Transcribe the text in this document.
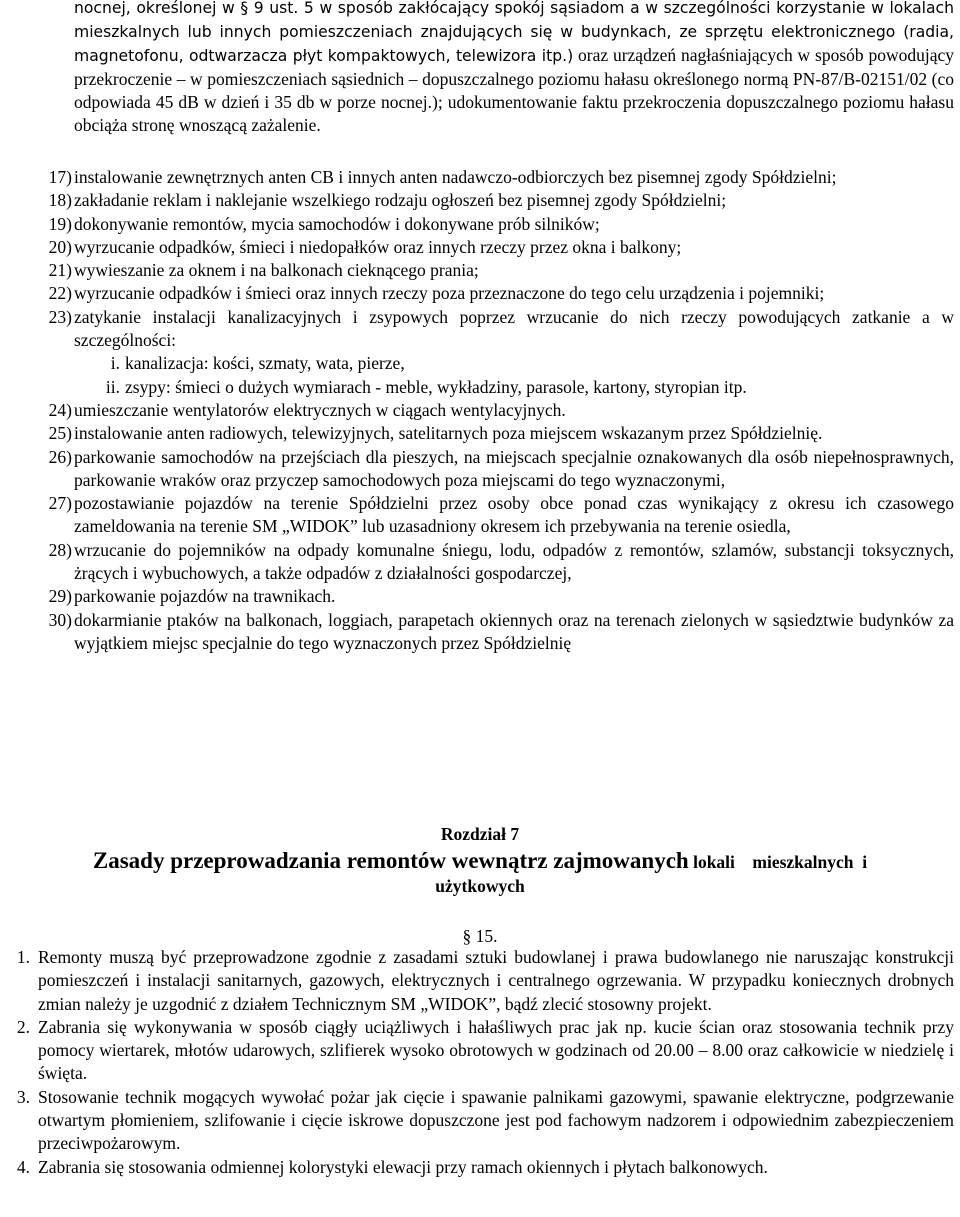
nocnej, określonej w § 9 ust. 5 w sposób zakłócający spokój sąsiadom a w szczególności korzystanie w lokalach mieszkalnych lub innych pomieszczeniach znajdujących się w budynkach, ze sprzętu elektronicznego (radia, magnetofonu, odtwarzacza płyt kompaktowych, telewizora itp.) oraz urządzeń nagłaśniających w sposób powodujący przekroczenie – w pomieszczeniach sąsiednich – dopuszczalnego poziomu hałasu określonego normą PN-87/B-02151/02 (co odpowiada 45 dB w dzień i 35 db w porze nocnej.); udokumentowanie faktu przekroczenia dopuszczalnego poziomu hałasu obciąża stronę wnoszącą zażalenie.
17) instalowanie zewnętrznych anten CB i innych anten nadawczo-odbiorczych bez pisemnej zgody Spółdzielni;
18) zakładanie reklam i naklejanie wszelkiego rodzaju ogłoszeń bez pisemnej zgody Spółdzielni;
19) dokonywanie remontów, mycia samochodów i dokonywane prób silników;
20) wyrzucanie odpadków, śmieci i niedopałków oraz innych rzeczy przez okna i balkony;
21) wywieszanie za oknem i na balkonach cieknącego prania;
22) wyrzucanie odpadków i śmieci oraz innych rzeczy poza przeznaczone do tego celu urządzenia i pojemniki;
23) zatykanie instalacji kanalizacyjnych i zsypowych poprzez wrzucanie do nich rzeczy powodujących zatkanie a w szczególności:
i. kanalizacja: kości, szmaty, wata, pierze,
ii. zsypy: śmieci o dużych wymiarach - meble, wykładziny, parasole, kartony, styropian itp.
24) umieszczanie wentylatorów elektrycznych w ciągach wentylacyjnych.
25) instalowanie anten radiowych, telewizyjnych, satelitarnych poza miejscem wskazanym przez Spółdzielnię.
26) parkowanie samochodów na przejściach dla pieszych, na miejscach specjalnie oznakowanych dla osób niepełnosprawnych, parkowanie wraków oraz przyczep samochodowych poza miejscami do tego wyznaczonymi,
27) pozostawianie pojazdów na terenie Spółdzielni przez osoby obce ponad czas wynikający z okresu ich czasowego zameldowania na terenie SM „WIDOK” lub uzasadniony okresem ich przebywania na terenie osiedla,
28) wrzucanie do pojemników na odpady komunalne śniegu, lodu, odpadów z remontów, szlamów, substancji toksycznych, żrących i wybuchowych, a także odpadów z działalności gospodarczej,
29) parkowanie pojazdów na trawnikach.
30) dokarmianie ptaków na balkonach, loggiach, parapetach okiennych oraz na terenach zielonych w sąsiedztwie budynków za wyjątkiem miejsc specjalnie do tego wyznaczonych przez Spółdzielnię
Rozdział 7
Zasady przeprowadzania remontów wewnątrz zajmowanych lokali    mieszkalnych  i
użytkowych
§ 15.
1. Remonty muszą być przeprowadzone zgodnie z zasadami sztuki budowlanej i prawa budowlanego nie naruszając konstrukcji pomieszczeń i instalacji sanitarnych, gazowych, elektrycznych i centralnego ogrzewania. W przypadku koniecznych drobnych zmian należy je uzgodnić z działem Technicznym SM „WIDOK”, bądź zlecić stosowny projekt.
2. Zabrania się wykonywania w sposób ciągły uciążliwych i hałaśliwych prac jak np. kucie ścian oraz stosowania technik przy pomocy wiertarek, młotów udarowych, szlifierek wysoko obrotowych w godzinach od 20.00 – 8.00 oraz całkowicie w niedzielę i święta.
3. Stosowanie technik mogących wywołać pożar jak cięcie i spawanie palnikami gazowymi, spawanie elektryczne, podgrzewanie otwartym płomieniem, szlifowanie i cięcie iskrowe dopuszczone jest pod fachowym nadzorem i odpowiednim zabezpieczeniem przeciwpożarowym.
4. Zabrania się stosowania odmiennej kolorystyki elewacji przy ramach okiennych i płytach balkonowych.
